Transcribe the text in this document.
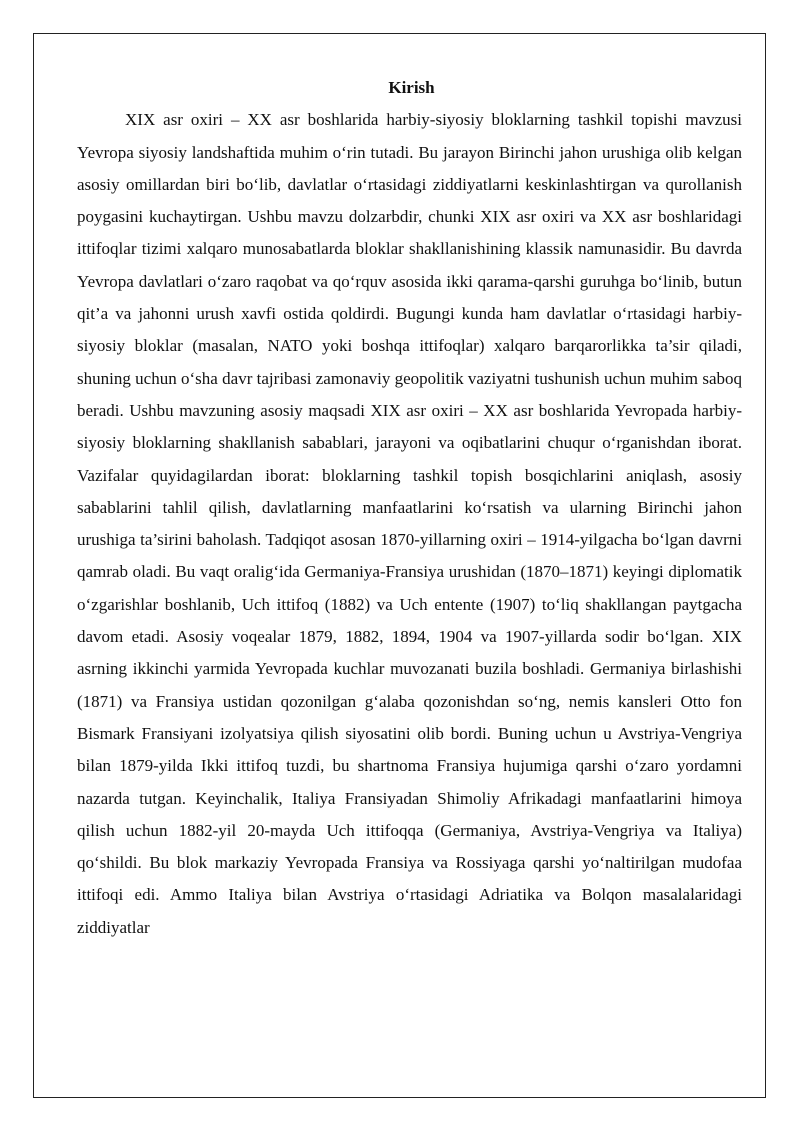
Kirish

XIX asr oxiri – XX asr boshlarida harbiy-siyosiy bloklarning tashkil topishi mavzusi Yevropa siyosiy landshaftida muhim o‘rin tutadi. Bu jarayon Birinchi jahon urushiga olib kelgan asosiy omillardan biri bo‘lib, davlatlar o‘rtasidagi ziddiyatlarni keskinlashtirgan va qurollanish poygasini kuchaytirgan. Ushbu mavzu dolzarbdir, chunki XIX asr oxiri va XX asr boshlaridagi ittifoqlar tizimi xalqaro munosabatlarda bloklar shakllanishining klassik namunasidir. Bu davrda Yevropa davlatlari o‘zaro raqobat va qo‘rquv asosida ikki qarama-qarshi guruhga bo‘linib, butun qit’a va jahonni urush xavfi ostida qoldirdi. Bugungi kunda ham davlatlar o‘rtasidagi harbiy-siyosiy bloklar (masalan, NATO yoki boshqa ittifoqlar) xalqaro barqarorlikka ta’sir qiladi, shuning uchun o‘sha davr tajribasi zamonaviy geopolitik vaziyatni tushunish uchun muhim saboq beradi. Ushbu mavzuning asosiy maqsadi XIX asr oxiri – XX asr boshlarida Yevropada harbiy-siyosiy bloklarning shakllanish sabablari, jarayoni va oqibatlarini chuqur o‘rganishdan iborat. Vazifalar quyidagilardan iborat: bloklarning tashkil topish bosqichlarini aniqlash, asosiy sabablarini tahlil qilish, davlatlarning manfaatlarini ko‘rsatish va ularning Birinchi jahon urushiga ta’sirini baholash. Tadqiqot asosan 1870-yillarning oxiri – 1914-yilgacha bo‘lgan davrni qamrab oladi. Bu vaqt oralig‘ida Germaniya-Fransiya urushidan (1870–1871) keyingi diplomatik o‘zgarishlar boshlanib, Uch ittifoq (1882) va Uch entente (1907) to‘liq shakllangan paytgacha davom etadi. Asosiy voqealar 1879, 1882, 1894, 1904 va 1907-yillarda sodir bo‘lgan. XIX asrning ikkinchi yarmida Yevropada kuchlar muvozanati buzila boshladi. Germaniya birlashishi (1871) va Fransiya ustidan qozonilgan g‘alaba qozonishdan so‘ng, nemis kansleri Otto fon Bismark Fransiyani izolyatsiya qilish siyosatini olib bordi. Buning uchun u Avstriya-Vengriya bilan 1879-yilda Ikki ittifoq tuzdi, bu shartnoma Fransiya hujumiga qarshi o‘zaro yordamni nazarda tutgan. Keyinchalik, Italiya Fransiyadan Shimoliy Afrikadagi manfaatlarini himoya qilish uchun 1882-yil 20-mayda Uch ittifoqqa (Germaniya, Avstriya-Vengriya va Italiya) qo‘shildi. Bu blok markaziy Yevropada Fransiya va Rossiyaga qarshi yo‘naltirilgan mudofaa ittifoqi edi. Ammo Italiya bilan Avstriya o‘rtasidagi Adriatika va Bolqon masalalaridagi ziddiyatlar
